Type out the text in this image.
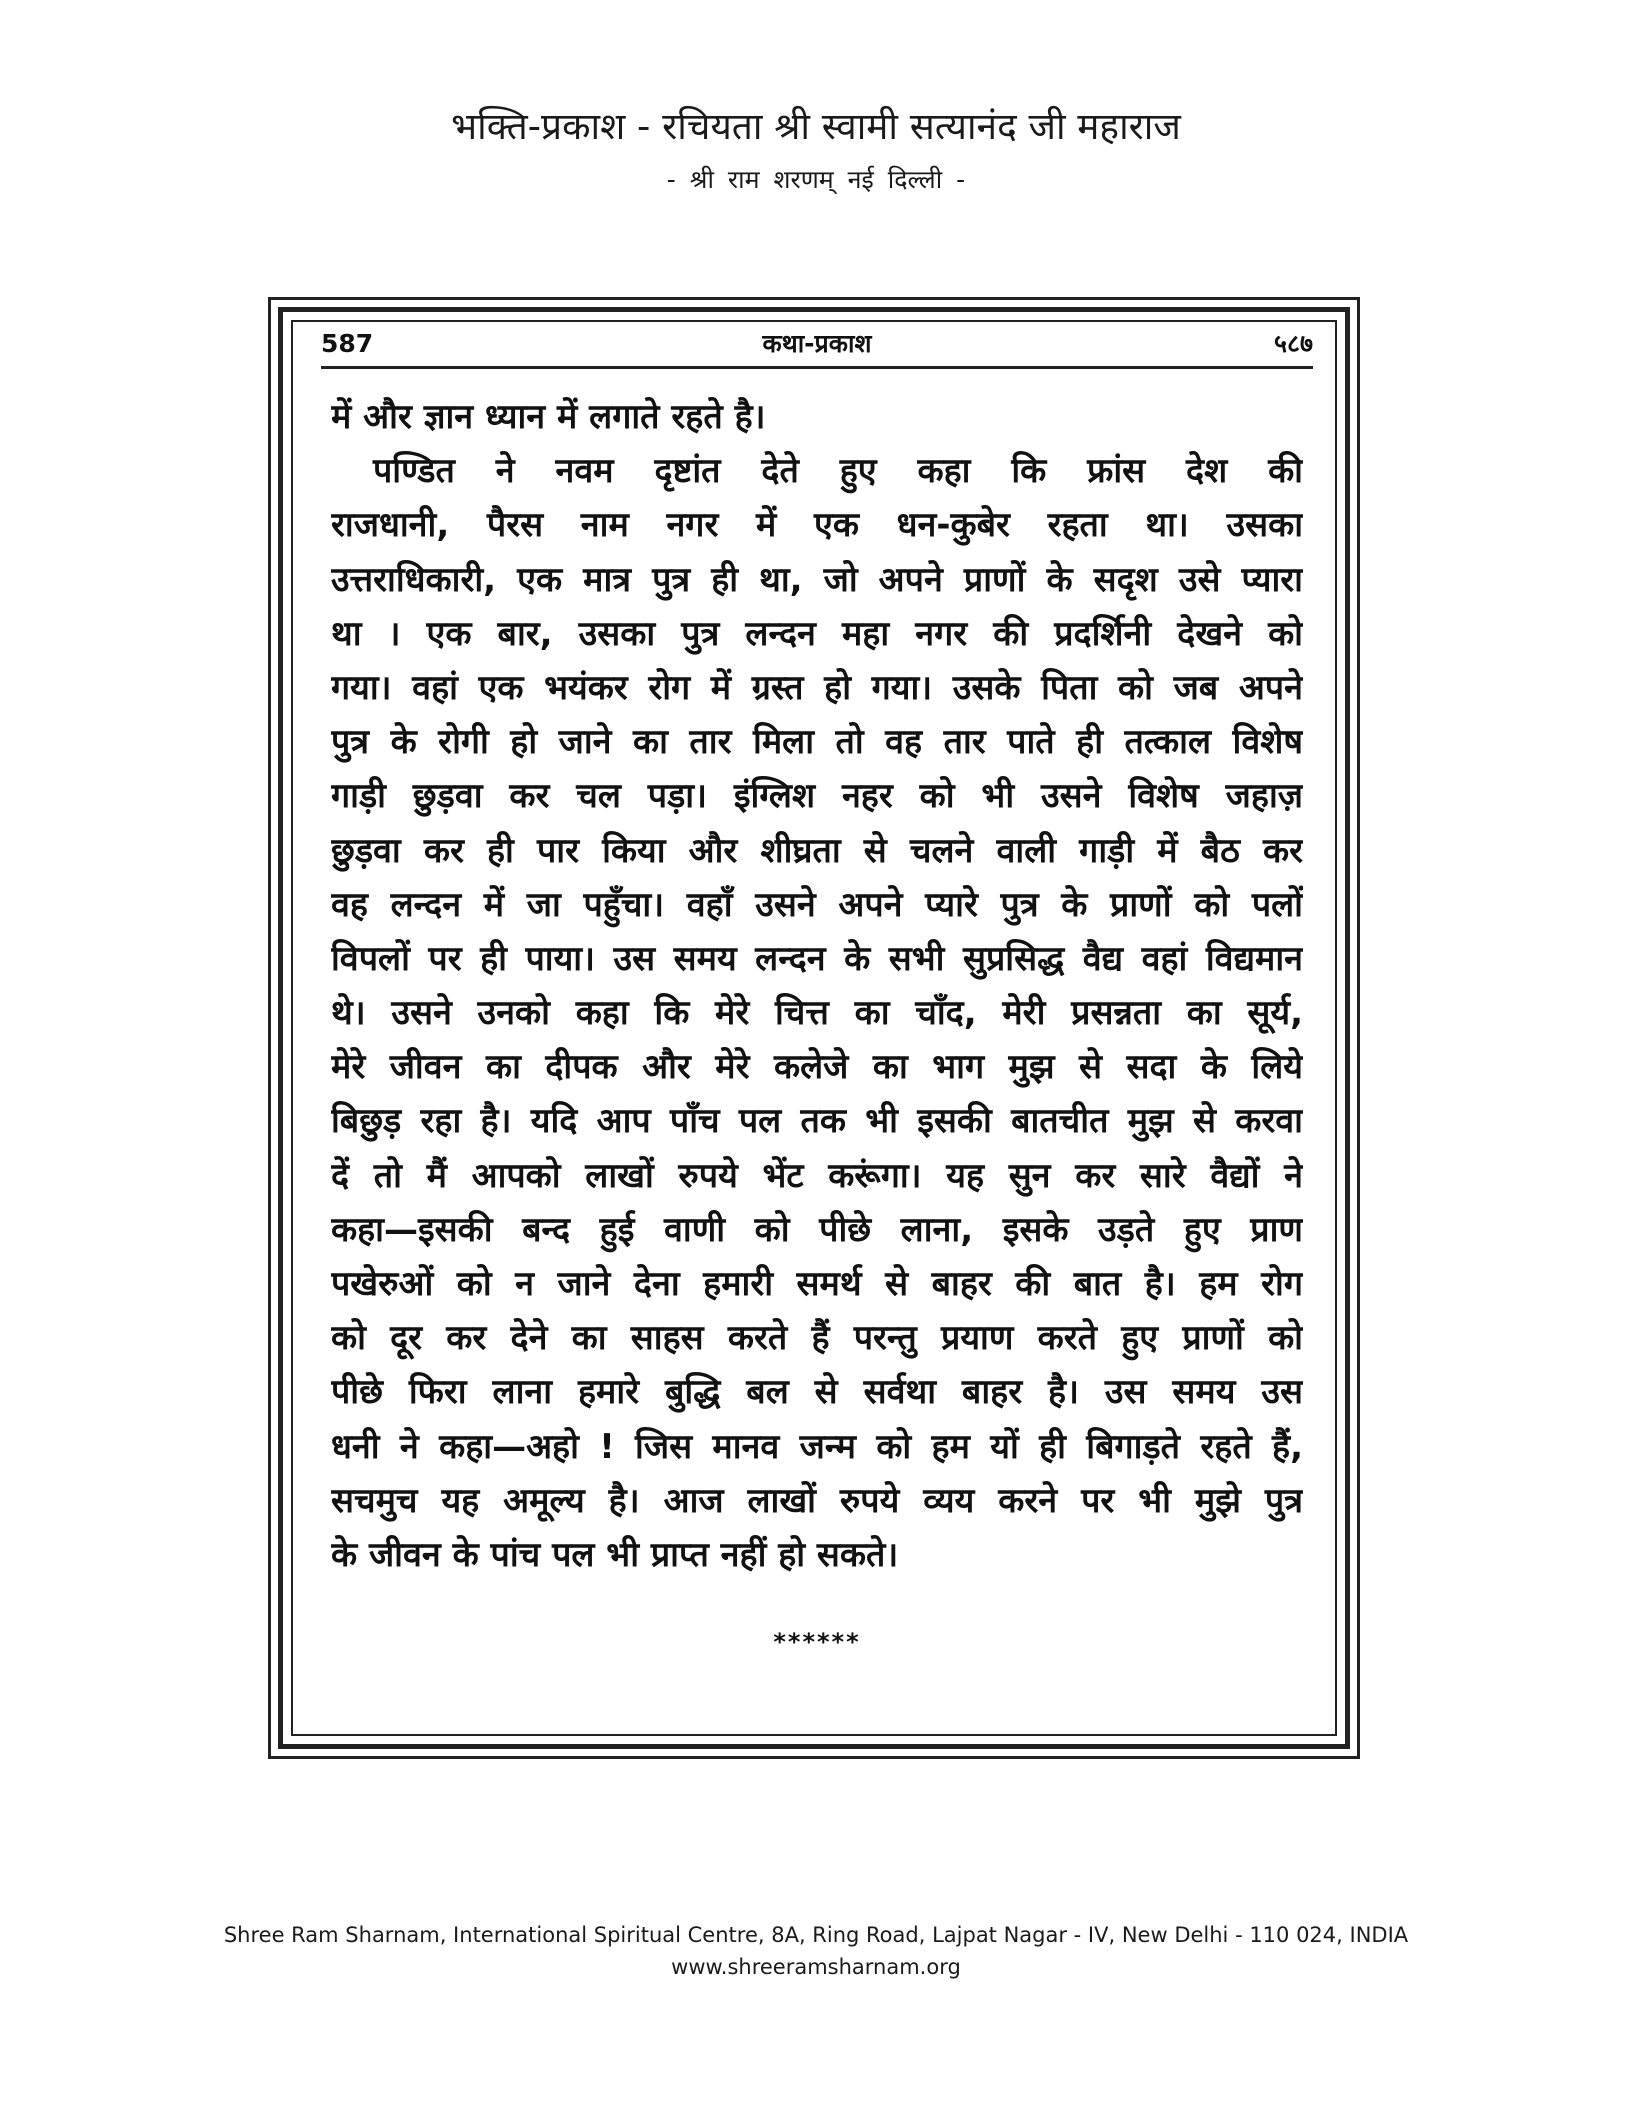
भक्ति-प्रकाश - रचियता श्री स्वामी सत्यानंद जी महाराज
- श्री राम शरणम् नई दिल्ली -
587	कथा-प्रकाश	५८७
में और ज्ञान ध्यान में लगाते रहते है।
पण्डित ने नवम दृष्टांत देते हुए कहा कि फ्रांस देश की
राजधानी, पैरस नाम नगर में एक धन-कुबेर रहता था। उसका
उत्तराधिकारी, एक मात्र पुत्र ही था, जो अपने प्राणों के सदृश उसे प्यारा
था । एक बार, उसका पुत्र लन्दन महा नगर की प्रदर्शिनी देखने को
गया। वहां एक भयंकर रोग में ग्रस्त हो गया। उसके पिता को जब अपने
पुत्र के रोगी हो जाने का तार मिला तो वह तार पाते ही तत्काल विशेष
गाड़ी छुड़वा कर चल पड़ा। इंग्लिश नहर को भी उसने विशेष जहाज़
छुड़वा कर ही पार किया और शीघ्रता से चलने वाली गाड़ी में बैठ कर
वह लन्दन में जा पहुँचा। वहाँ उसने अपने प्यारे पुत्र के प्राणों को पलों
विपलों पर ही पाया। उस समय लन्दन के सभी सुप्रसिद्ध वैद्य वहां विद्यमान
थे। उसने उनको कहा कि मेरे चित्त का चाँद, मेरी प्रसन्नता का सूर्य,
मेरे जीवन का दीपक और मेरे कलेजे का भाग मुझ से सदा के लिये
बिछुड़ रहा है। यदि आप पाँच पल तक भी इसकी बातचीत मुझ से करवा
दें तो मैं आपको लाखों रुपये भेंट करूंगा। यह सुन कर सारे वैद्यों ने
कहा—इसकी बन्द हुई वाणी को पीछे लाना, इसके उड़ते हुए प्राण
पखेरुओं को न जाने देना हमारी समर्थ से बाहर की बात है। हम रोग
को दूर कर देने का साहस करते हैं परन्तु प्रयाण करते हुए प्राणों को
पीछे फिरा लाना हमारे बुद्धि बल से सर्वथा बाहर है। उस समय उस
धनी ने कहा—अहो ! जिस मानव जन्म को हम यों ही बिगाड़ते रहते हैं,
सचमुच यह अमूल्य है। आज लाखों रुपये व्यय करने पर भी मुझे पुत्र
के जीवन के पांच पल भी प्राप्त नहीं हो सकते।
******
Shree Ram Sharnam, International Spiritual Centre, 8A, Ring Road, Lajpat Nagar - IV, New Delhi - 110 024, INDIA
www.shreeramsharnam.org
